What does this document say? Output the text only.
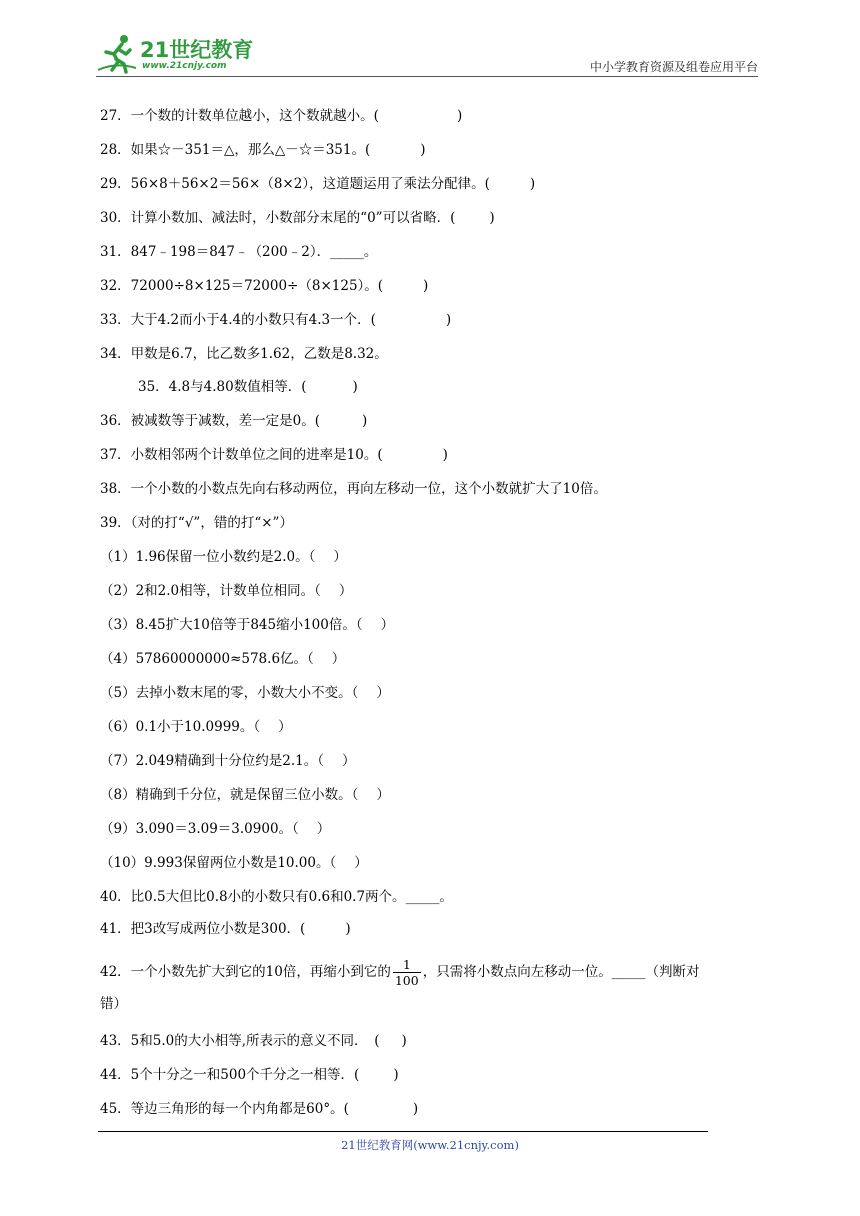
21世纪教育
www.21cnjy.com	中小学教育资源及组卷应用平台
27．一个数的计数单位越小，这个数就越小。(	)
28．如果☆－351＝△，那么△－☆＝351。(	)
29．56×8＋56×2＝56×（8×2），这道题运用了乘法分配律。(	)
30．计算小数加、减法时，小数部分末尾的“0”可以省略．(	)
31．847﹣198＝847﹣（200﹣2）．_____。
32．72000÷8×125＝72000÷（8×125）。(	)
33．大于4.2而小于4.4的小数只有4.3一个．(	)
34．甲数是6.7，比乙数多1.62，乙数是8.32。
35．4.8与4.80数值相等．(	)
36．被减数等于减数，差一定是0。(	)
37．小数相邻两个计数单位之间的进率是10。(	)
38．一个小数的小数点先向右移动两位，再向左移动一位，这个小数就扩大了10倍。
39．（对的打“√”，错的打“×”）
（1）1.96保留一位小数约是2.0。（ ）
（2）2和2.0相等，计数单位相同。（ ）
（3）8.45扩大10倍等于845缩小100倍。（ ）
（4）57860000000≈578.6亿。（ ）
（5）去掉小数末尾的零，小数大小不变。（ ）
（6）0.1小于10.0999。（ ）
（7）2.049精确到十分位约是2.1。（ ）
（8）精确到千分位，就是保留三位小数。（ ）
（9）3.090＝3.09＝3.0900。（ ）
（10）9.993保留两位小数是10.00。（ ）
40．比0.5大但比0.8小的小数只有0.6和0.7两个。_____。
41．把3改写成两位小数是300．(	)
43．5和5.0的大小相等,所表示的意义不同．　( )
44．5个十分之一和500个千分之一相等．(	)
45．等边三角形的每一个内角都是60°。(	)
42．一个小数先扩大到它的10倍，再缩小到它的 $\frac{1}{100}$ ，只需将小数点向左移动一位。_____（判断对
错）
21世纪教育网(www.21cnjy.com)
